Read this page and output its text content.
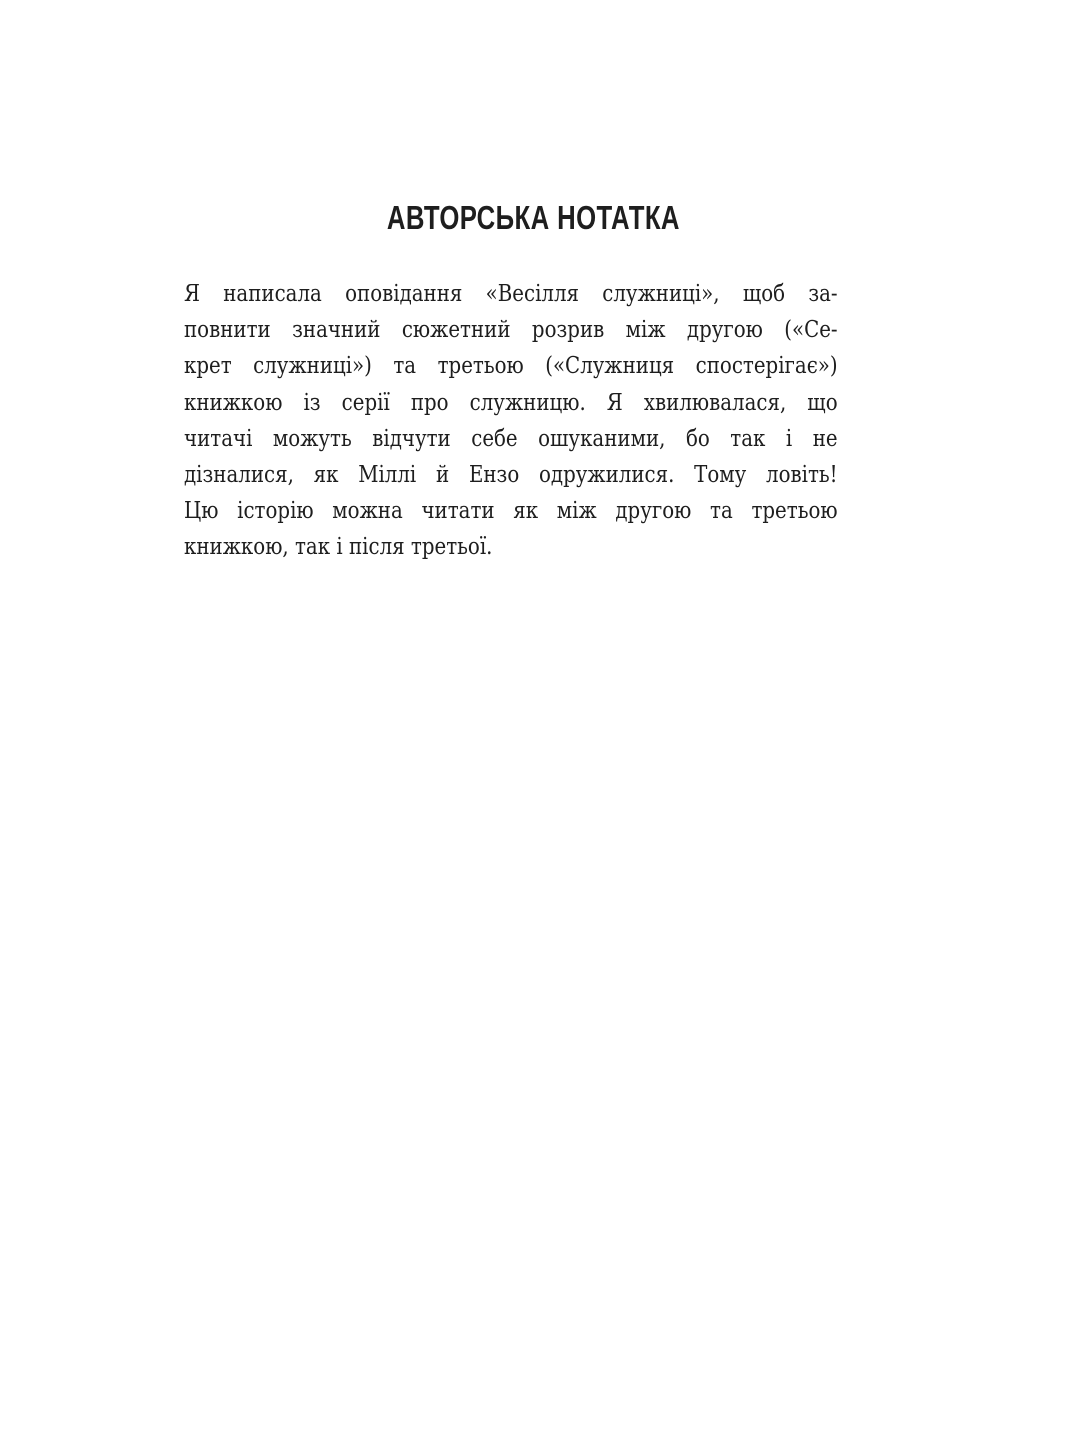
АВТОРСЬКА НОТАТКА
Я написала оповідання «Весілля служниці», щоб за-
повнити значний сюжетний розрив між другою («Се-
крет служниці») та третьою («Служниця спостерігає»)
книжкою із серії про служницю. Я хвилювалася, що
читачі можуть відчути себе ошуканими, бо так і не
дізналися, як Міллі й Ензо одружилися. Тому ловіть!
Цю історію можна читати як між другою та третьою
книжкою, так і після третьої.
